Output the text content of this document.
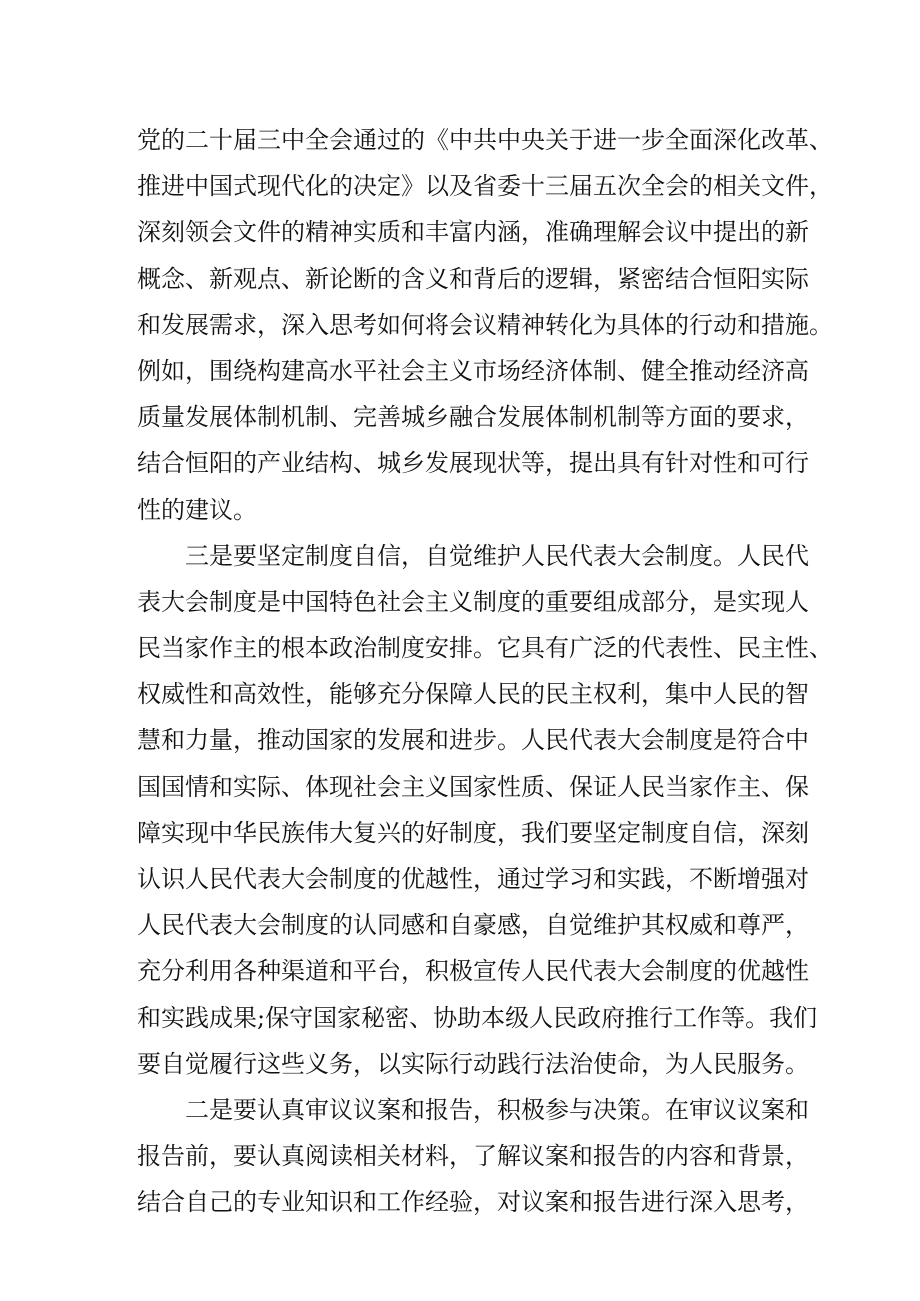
党的二十届三中全会通过的《中共中央关于进一步全面深化改革、
推进中国式现代化的决定》以及省委十三届五次全会的相关文件，
深刻领会文件的精神实质和丰富内涵，准确理解会议中提出的新
概念、新观点、新论断的含义和背后的逻辑，紧密结合恒阳实际
和发展需求，深入思考如何将会议精神转化为具体的行动和措施。
例如，围绕构建高水平社会主义市场经济体制、健全推动经济高
质量发展体制机制、完善城乡融合发展体制机制等方面的要求，
结合恒阳的产业结构、城乡发展现状等，提出具有针对性和可行
性的建议。
三是要坚定制度自信，自觉维护人民代表大会制度。人民代
表大会制度是中国特色社会主义制度的重要组成部分，是实现人
民当家作主的根本政治制度安排。它具有广泛的代表性、民主性、
权威性和高效性，能够充分保障人民的民主权利，集中人民的智
慧和力量，推动国家的发展和进步。人民代表大会制度是符合中
国国情和实际、体现社会主义国家性质、保证人民当家作主、保
障实现中华民族伟大复兴的好制度，我们要坚定制度自信，深刻
认识人民代表大会制度的优越性，通过学习和实践，不断增强对
人民代表大会制度的认同感和自豪感，自觉维护其权威和尊严，
充分利用各种渠道和平台，积极宣传人民代表大会制度的优越性
和实践成果;保守国家秘密、协助本级人民政府推行工作等。我们
要自觉履行这些义务，以实际行动践行法治使命，为人民服务。
二是要认真审议议案和报告，积极参与决策。在审议议案和
报告前，要认真阅读相关材料，了解议案和报告的内容和背景，
结合自己的专业知识和工作经验，对议案和报告进行深入思考，
